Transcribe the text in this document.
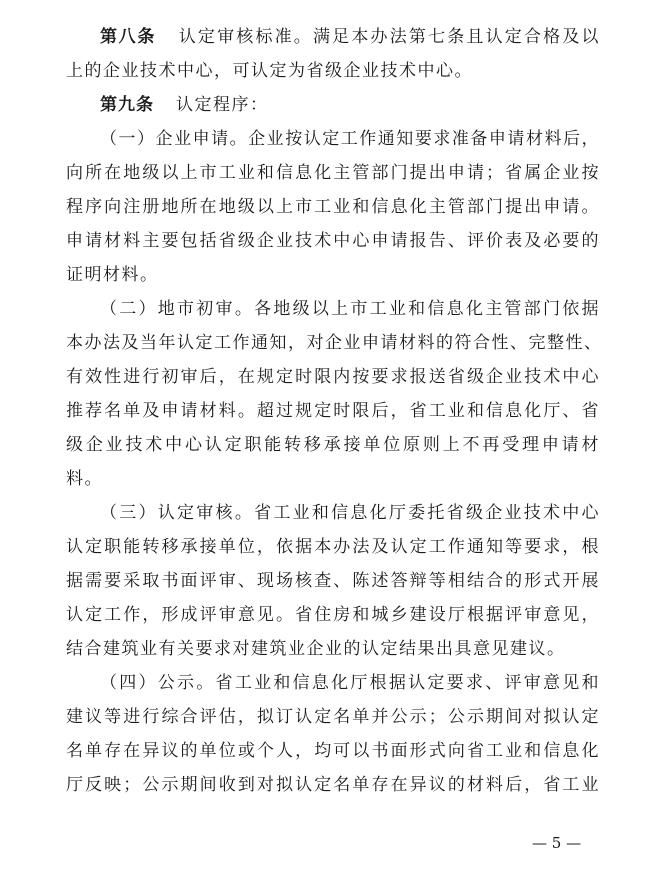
第八条 认定审核标准。满足本办法第七条且认定合格及以
上的企业技术中心，可认定为省级企业技术中心。
第九条 认定程序：
（一）企业申请。企业按认定工作通知要求准备申请材料后，
向所在地级以上市工业和信息化主管部门提出申请；省属企业按
程序向注册地所在地级以上市工业和信息化主管部门提出申请。
申请材料主要包括省级企业技术中心申请报告、评价表及必要的
证明材料。
（二）地市初审。各地级以上市工业和信息化主管部门依据
本办法及当年认定工作通知，对企业申请材料的符合性、完整性、
有效性进行初审后，在规定时限内按要求报送省级企业技术中心
推荐名单及申请材料。超过规定时限后，省工业和信息化厅、省
级企业技术中心认定职能转移承接单位原则上不再受理申请材
料。
（三）认定审核。省工业和信息化厅委托省级企业技术中心
认定职能转移承接单位，依据本办法及认定工作通知等要求，根
据需要采取书面评审、现场核查、陈述答辩等相结合的形式开展
认定工作，形成评审意见。省住房和城乡建设厅根据评审意见，
结合建筑业有关要求对建筑业企业的认定结果出具意见建议。
（四）公示。省工业和信息化厅根据认定要求、评审意见和
建议等进行综合评估，拟订认定名单并公示；公示期间对拟认定
名单存在异议的单位或个人，均可以书面形式向省工业和信息化
厅反映；公示期间收到对拟认定名单存在异议的材料后，省工业
— 5 —
